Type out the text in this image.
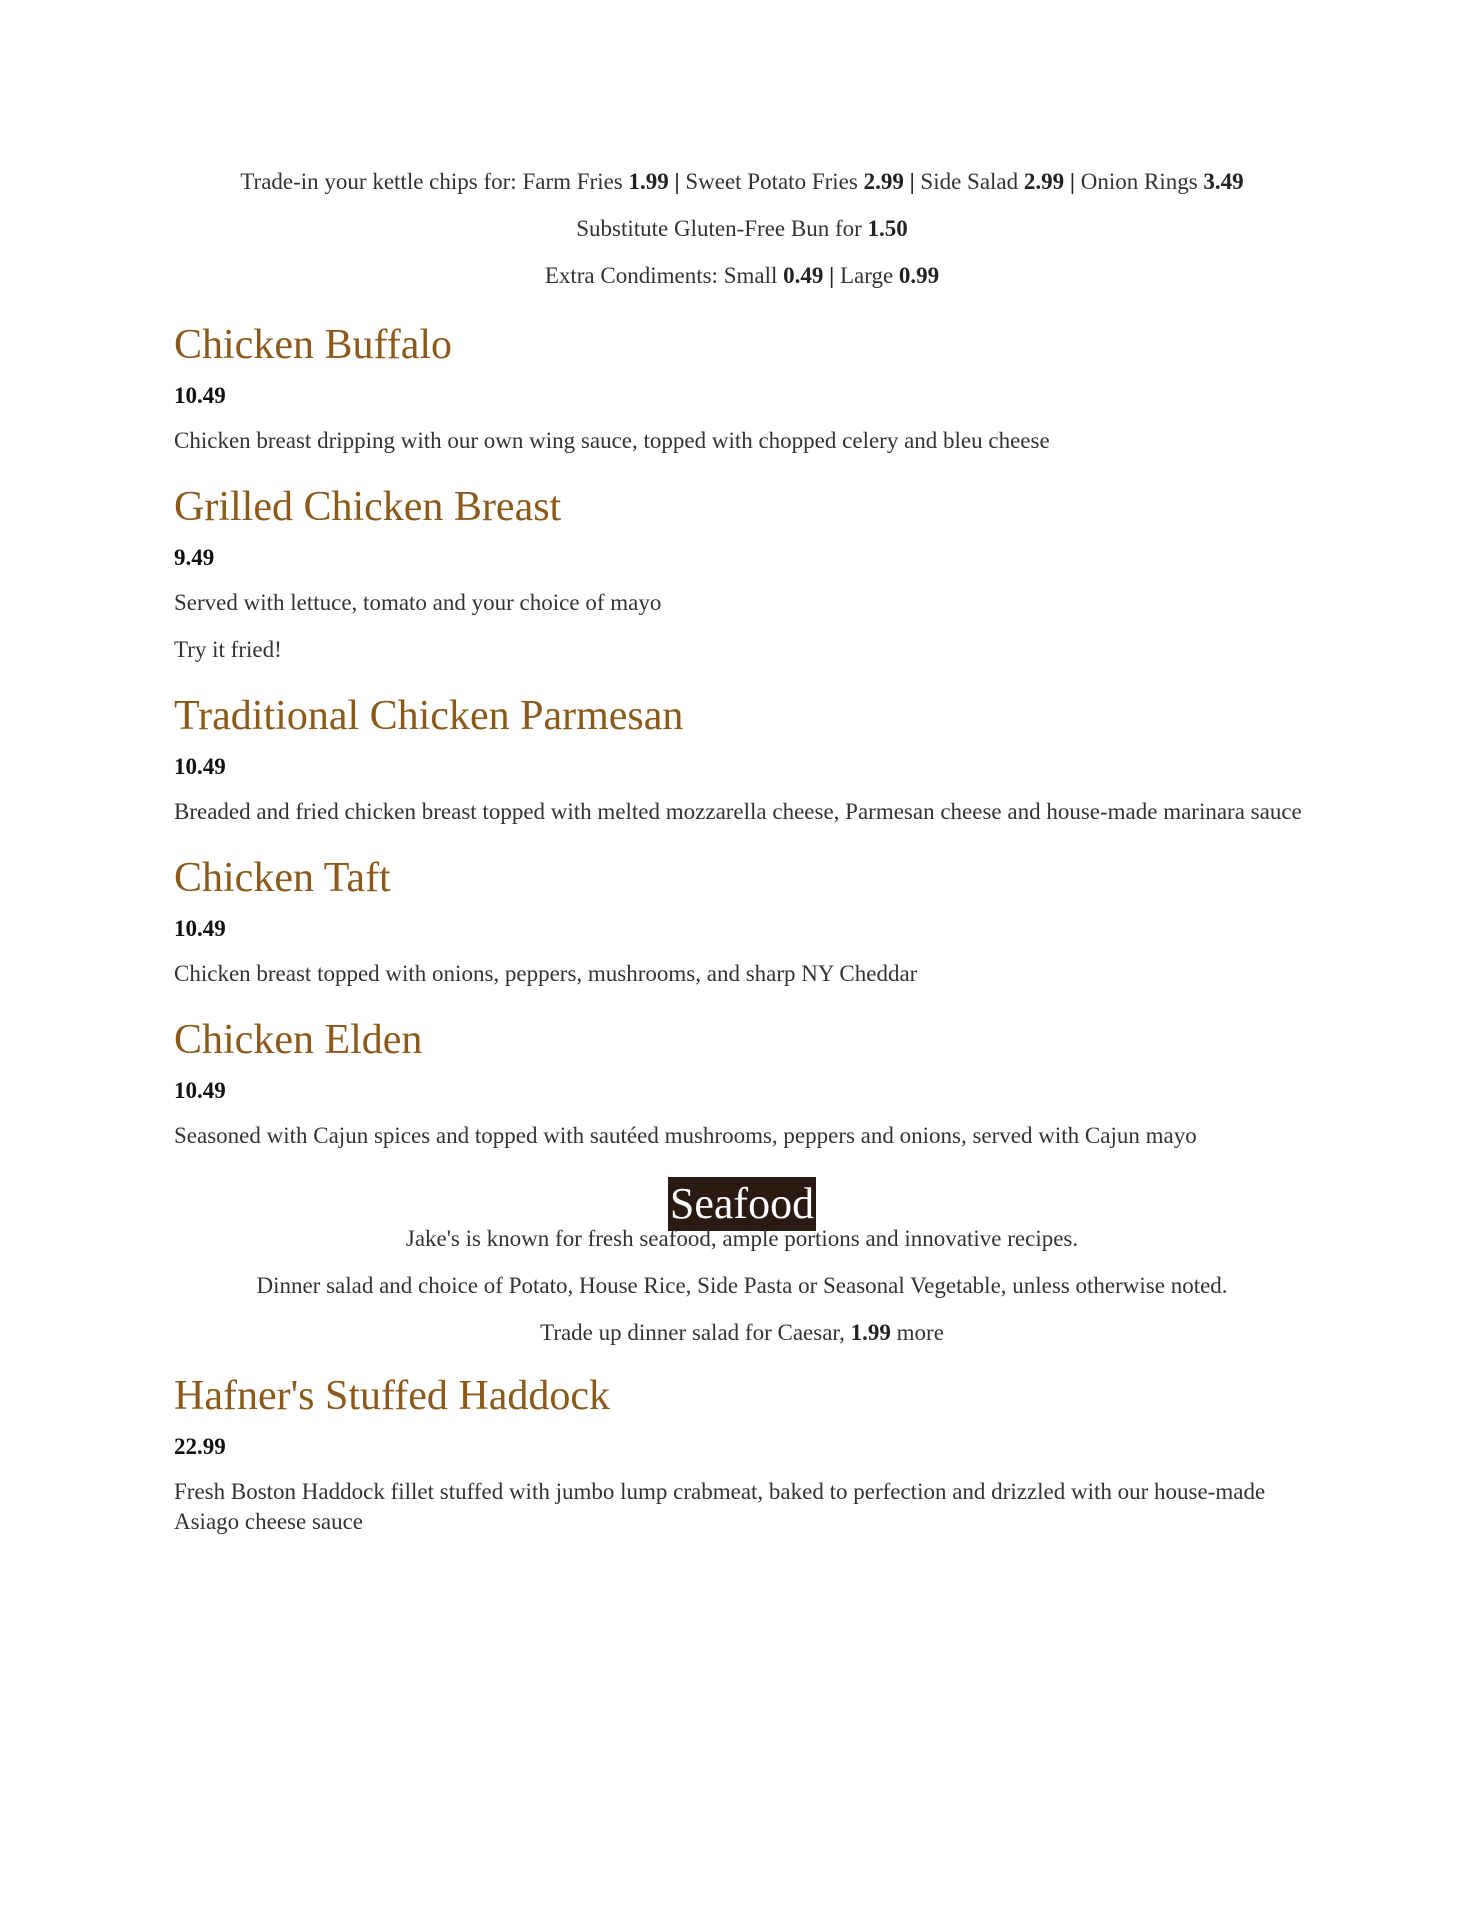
Trade-in your kettle chips for: Farm Fries 1.99 | Sweet Potato Fries 2.99 | Side Salad 2.99 | Onion Rings 3.49

Substitute Gluten-Free Bun for 1.50

Extra Condiments: Small 0.49 | Large 0.99

Chicken Buffalo

10.49

Chicken breast dripping with our own wing sauce, topped with chopped celery and bleu cheese

Grilled Chicken Breast

9.49

Served with lettuce, tomato and your choice of mayo

Try it fried!

Traditional Chicken Parmesan

10.49

Breaded and fried chicken breast topped with melted mozzarella cheese, Parmesan cheese and house-made marinara sauce

Chicken Taft

10.49

Chicken breast topped with onions, peppers, mushrooms, and sharp NY Cheddar

Chicken Elden

10.49

Seasoned with Cajun spices and topped with sautéed mushrooms, peppers and onions, served with Cajun mayo

Seafood

Jake's is known for fresh seafood, ample portions and innovative recipes.

Dinner salad and choice of Potato, House Rice, Side Pasta or Seasonal Vegetable, unless otherwise noted.

Trade up dinner salad for Caesar, 1.99 more

Hafner's Stuffed Haddock

22.99

Fresh Boston Haddock fillet stuffed with jumbo lump crabmeat, baked to perfection and drizzled with our house-made Asiago cheese sauce
